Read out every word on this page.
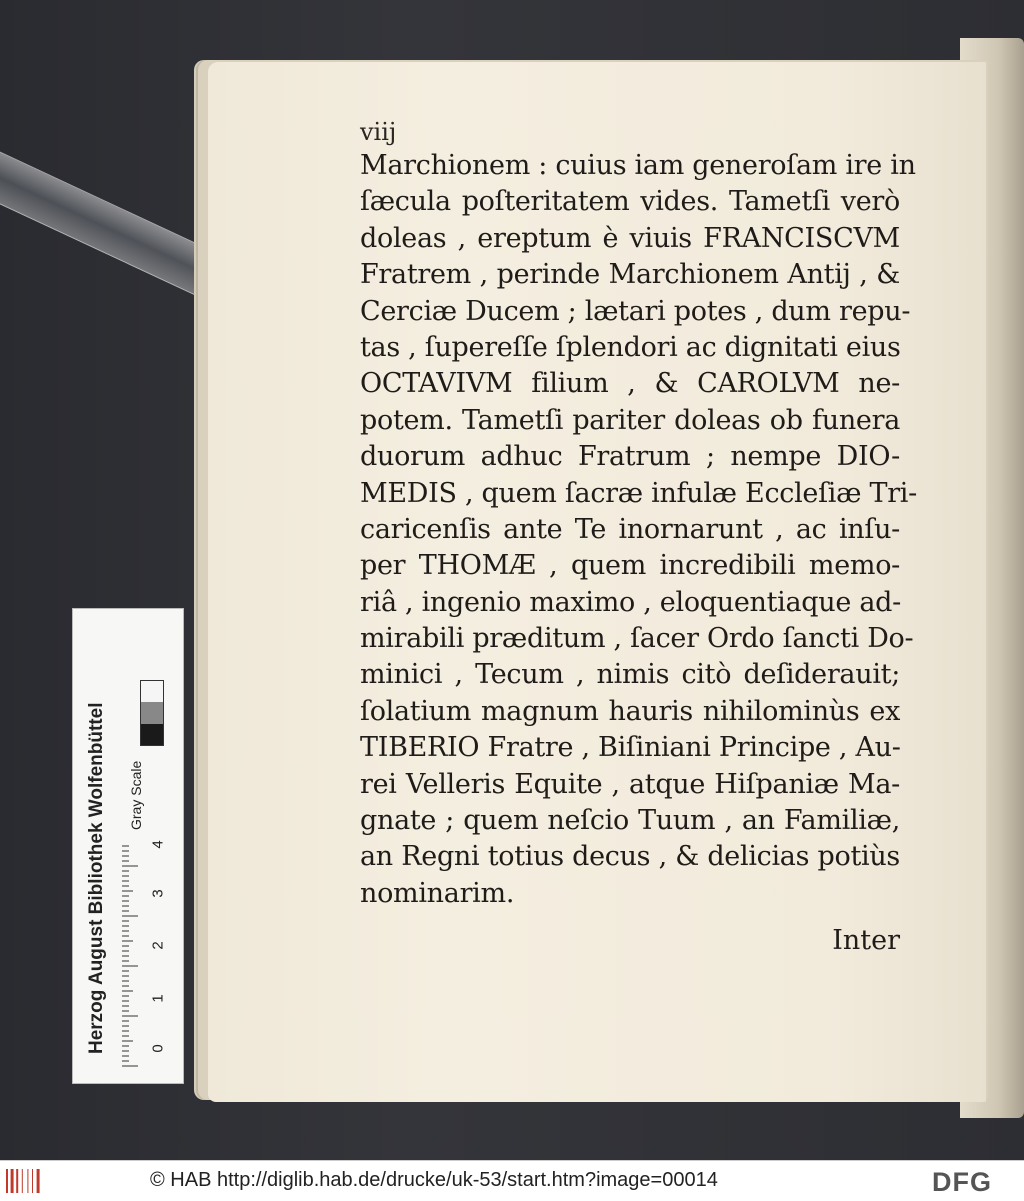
viij
Marchionem : cuius iam generoſam ire in
ſæcula poſteritatem vides. Tametſi verò
doleas , ereptum è viuis FRANCISCVM
Fratrem , perinde Marchionem Antij , &
Cerciæ Ducem ; lætari potes , dum repu-
tas , ſupereſſe ſplendori ac dignitati eius
OCTAVIVM filium , & CAROLVM ne-
potem. Tametſi pariter doleas ob funera
duorum adhuc Fratrum ; nempe DIO-
MEDIS , quem ſacræ infulæ Eccleſiæ Tri-
caricenſis ante Te inornarunt , ac inſu-
per THOMÆ , quem incredibili memo-
riâ , ingenio maximo , eloquentiaque ad-
mirabili præditum , ſacer Ordo ſancti Do-
minici , Tecum , nimis citò deſiderauit;
ſolatium magnum hauris nihilominùs ex
TIBERIO Fratre , Biſiniani Principe , Au-
rei Velleris Equite , atque Hiſpaniæ Ma-
gnate ; quem neſcio Tuum , an Familiæ,
an Regni totius decus , & delicias potiùs
nominarim.
Inter
Herzog August Bibliothek Wolfenbüttel Gray Scale
0
1
2
3
4
© HAB http://diglib.hab.de/drucke/uk-53/start.htm?image=00014	DFG
